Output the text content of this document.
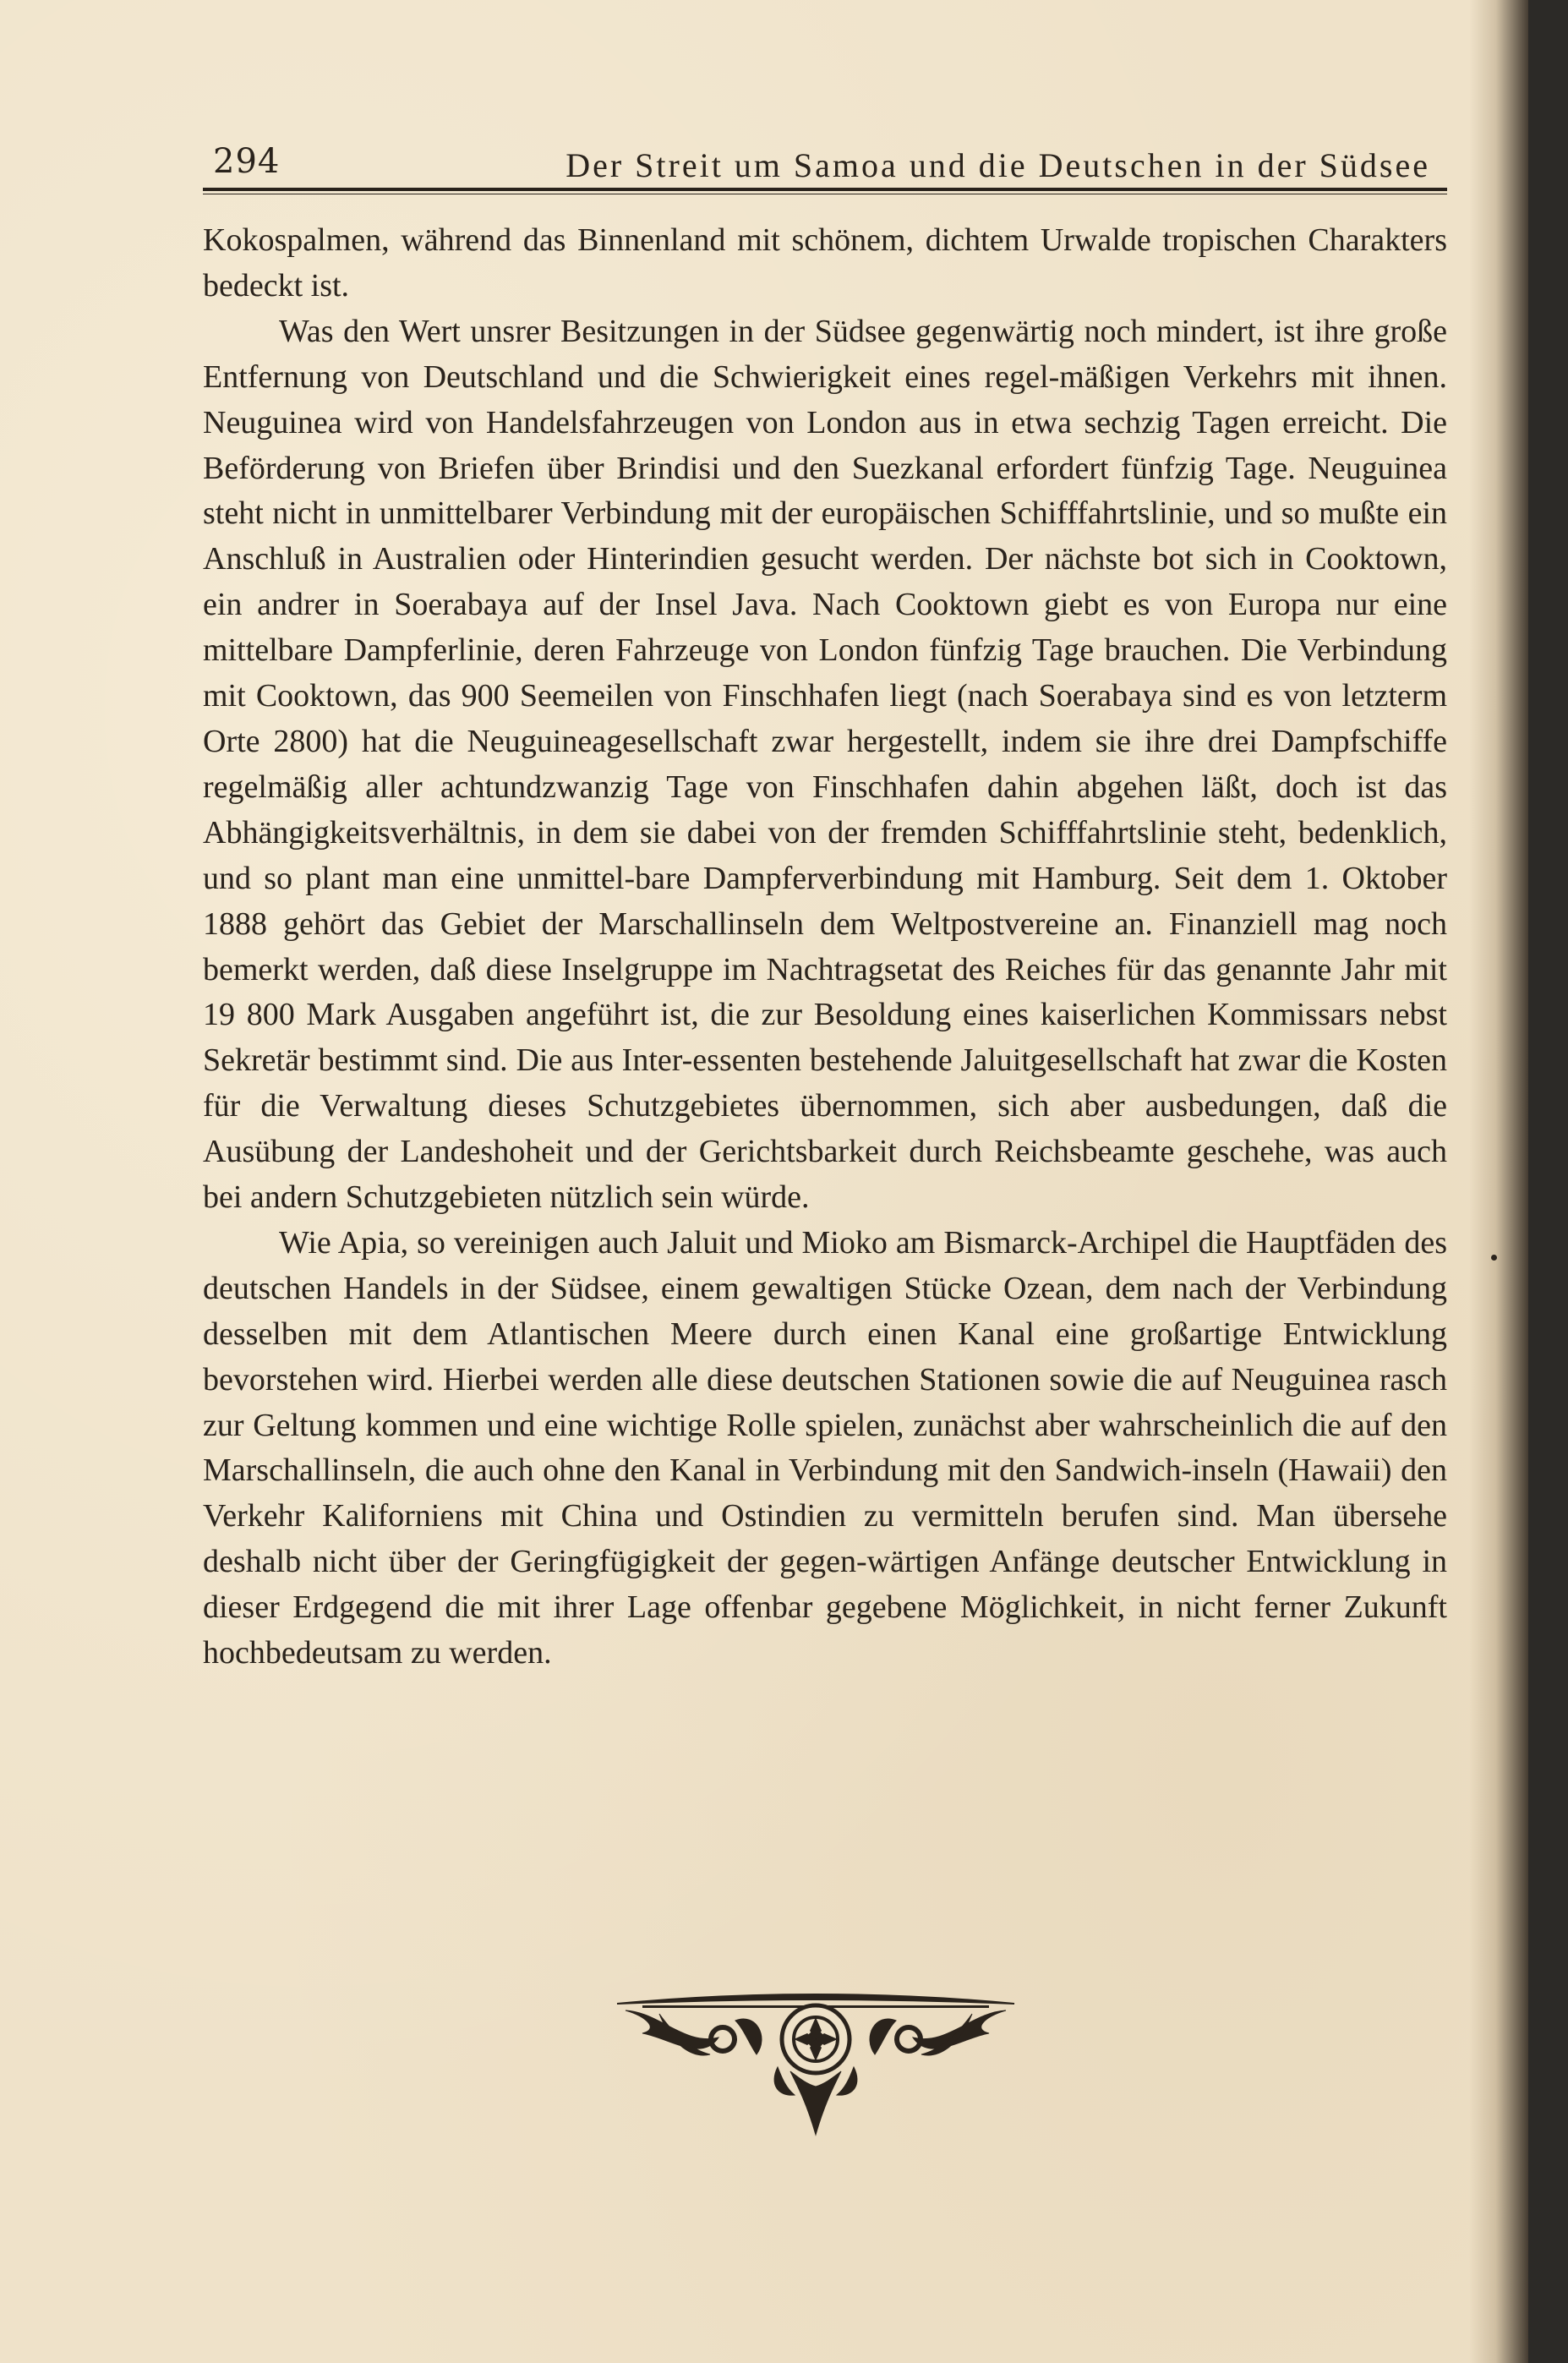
294	Der Streit um Samoa und die Deutschen in der Südsee

Kokospalmen, während das Binnenland mit schönem, dichtem Urwalde tropischen Charakters bedeckt ist.

Was den Wert unsrer Besitzungen in der Südsee gegenwärtig noch mindert, ist ihre große Entfernung von Deutschland und die Schwierigkeit eines regel-mäßigen Verkehrs mit ihnen. Neuguinea wird von Handelsfahrzeugen von London aus in etwa sechzig Tagen erreicht. Die Beförderung von Briefen über Brindisi und den Suezkanal erfordert fünfzig Tage. Neuguinea steht nicht in unmittelbarer Verbindung mit der europäischen Schifffahrtslinie, und so mußte ein Anschluß in Australien oder Hinterindien gesucht werden. Der nächste bot sich in Cooktown, ein andrer in Soerabaya auf der Insel Java. Nach Cooktown giebt es von Europa nur eine mittelbare Dampferlinie, deren Fahrzeuge von London fünfzig Tage brauchen. Die Verbindung mit Cooktown, das 900 Seemeilen von Finschhafen liegt (nach Soerabaya sind es von letzterm Orte 2800) hat die Neuguineagesellschaft zwar hergestellt, indem sie ihre drei Dampfschiffe regelmäßig aller achtundzwanzig Tage von Finschhafen dahin abgehen läßt, doch ist das Abhängigkeitsverhältnis, in dem sie dabei von der fremden Schifffahrtslinie steht, bedenklich, und so plant man eine unmittel-bare Dampferverbindung mit Hamburg. Seit dem 1. Oktober 1888 gehört das Gebiet der Marschallinseln dem Weltpostvereine an. Finanziell mag noch bemerkt werden, daß diese Inselgruppe im Nachtragsetat des Reiches für das genannte Jahr mit 19 800 Mark Ausgaben angeführt ist, die zur Besoldung eines kaiserlichen Kommissars nebst Sekretär bestimmt sind. Die aus Inter-essenten bestehende Jaluitgesellschaft hat zwar die Kosten für die Verwaltung dieses Schutzgebietes übernommen, sich aber ausbedungen, daß die Ausübung der Landeshoheit und der Gerichtsbarkeit durch Reichsbeamte geschehe, was auch bei andern Schutzgebieten nützlich sein würde.

Wie Apia, so vereinigen auch Jaluit und Mioko am Bismarck-Archipel die Hauptfäden des deutschen Handels in der Südsee, einem gewaltigen Stücke Ozean, dem nach der Verbindung desselben mit dem Atlantischen Meere durch einen Kanal eine großartige Entwicklung bevorstehen wird. Hierbei werden alle diese deutschen Stationen sowie die auf Neuguinea rasch zur Geltung kommen und eine wichtige Rolle spielen, zunächst aber wahrscheinlich die auf den Marschallinseln, die auch ohne den Kanal in Verbindung mit den Sandwich-inseln (Hawaii) den Verkehr Kaliforniens mit China und Ostindien zu vermitteln berufen sind. Man übersehe deshalb nicht über der Geringfügigkeit der gegen-wärtigen Anfänge deutscher Entwicklung in dieser Erdgegend die mit ihrer Lage offenbar gegebene Möglichkeit, in nicht ferner Zukunft hochbedeutsam zu werden.
